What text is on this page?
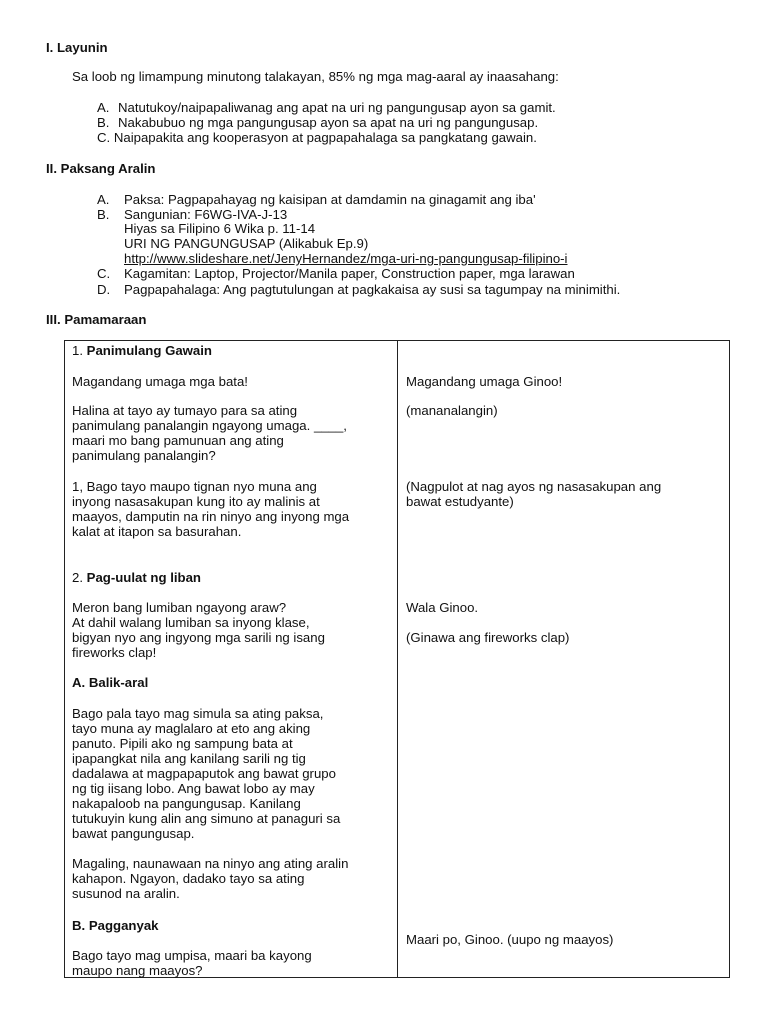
I. Layunin
Sa loob ng limampung minutong talakayan, 85% ng mga mag-aaral ay inaasahang:
A. Natutukoy/naipapaliwanag ang apat na uri ng pangungusap ayon sa gamit.
B. Nakabubuo ng mga pangungusap ayon sa apat na uri ng pangungusap.
C. Naipapakita ang kooperasyon at pagpapahalaga sa pangkatang gawain.
II. Paksang Aralin
A. Paksa: Pagpapahayag ng kaisipan at damdamin na ginagamit ang iba'
B. Sangunian: F6WG-IVA-J-13
Hiyas sa Filipino 6 Wika p. 11-14
URI NG PANGUNGUSAP (Alikabuk Ep.9)
http://www.slideshare.net/JenyHernandez/mga-uri-ng-pangungusap-filipino-i
C. Kagamitan: Laptop, Projector/Manila paper, Construction paper, mga larawan
D. Pagpapahalaga: Ang pagtutulungan at pagkakaisa ay susi sa tagumpay na minimithi.
III. Pamamaraan
1. Panimulang Gawain
Magandang umaga mga bata!
Halina at tayo ay tumayo para sa ating
panimulang panalangin ngayong umaga. ____,
maari mo bang pamunuan ang ating
panimulang panalangin?
1, Bago tayo maupo tignan nyo muna ang
inyong nasasakupan kung ito ay malinis at
maayos, damputin na rin ninyo ang inyong mga
kalat at itapon sa basurahan.
2. Pag-uulat ng liban
Meron bang lumiban ngayong araw?
At dahil walang lumiban sa inyong klase,
bigyan nyo ang ingyong mga sarili ng isang
fireworks clap!
A. Balik-aral
Bago pala tayo mag simula sa ating paksa,
tayo muna ay maglalaro at eto ang aking
panuto. Pipili ako ng sampung bata at
ipapangkat nila ang kanilang sarili ng tig
dadalawa at magpapaputok ang bawat grupo
ng tig iisang lobo. Ang bawat lobo ay may
nakapaloob na pangungusap. Kanilang
tutukuyin kung alin ang simuno at panaguri sa
bawat pangungusap.
Magaling, naunawaan na ninyo ang ating aralin
kahapon. Ngayon, dadako tayo sa ating
susunod na aralin.
B. Pagganyak
Bago tayo mag umpisa, maari ba kayong
maupo nang maayos?
Magandang umaga Ginoo!
(mananalangin)
(Nagpulot at nag ayos ng nasasakupan ang
bawat estudyante)
Wala Ginoo.
(Ginawa ang fireworks clap)
Maari po, Ginoo. (uupo ng maayos)
